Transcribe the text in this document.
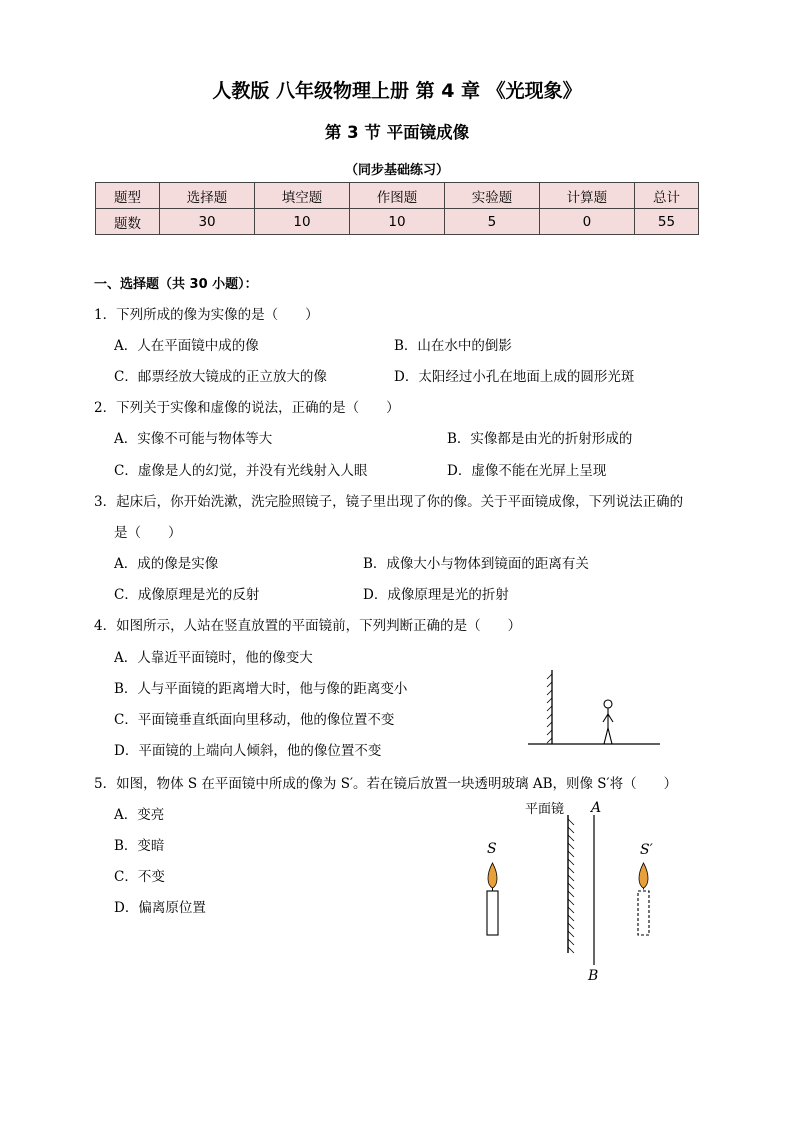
人教版 八年级物理上册 第 4 章 《光现象》
第 3 节 平面镜成像
（同步基础练习）
题型	选择题	填空题	作图题	实验题	计算题	总计
题数	30	10	10	5	0	55
一、选择题（共 30 小题）：
1．下列所成的像为实像的是（　　）
A．人在平面镜中成的像	B．山在水中的倒影
C．邮票经放大镜成的正立放大的像	D．太阳经过小孔在地面上成的圆形光斑
2．下列关于实像和虚像的说法，正确的是（　　）
A．实像不可能与物体等大	B．实像都是由光的折射形成的
C．虚像是人的幻觉，并没有光线射入人眼	D．虚像不能在光屏上呈现
3．起床后，你开始洗漱，洗完脸照镜子，镜子里出现了你的像。关于平面镜成像，下列说法正确的
是（　　）
A．成的像是实像	B．成像大小与物体到镜面的距离有关
C．成像原理是光的反射	D．成像原理是光的折射
4．如图所示，人站在竖直放置的平面镜前，下列判断正确的是（　　）
A．人靠近平面镜时，他的像变大
B．人与平面镜的距离增大时，他与像的距离变小
C．平面镜垂直纸面向里移动，他的像位置不变
D．平面镜的上端向人倾斜，他的像位置不变
5．如图，物体 S 在平面镜中所成的像为 S′。若在镜后放置一块透明玻璃 AB，则像 S′将（　　）
A．变亮
B．变暗
C．不变
D．偏离原位置
平面镜 A
B
S	S′
